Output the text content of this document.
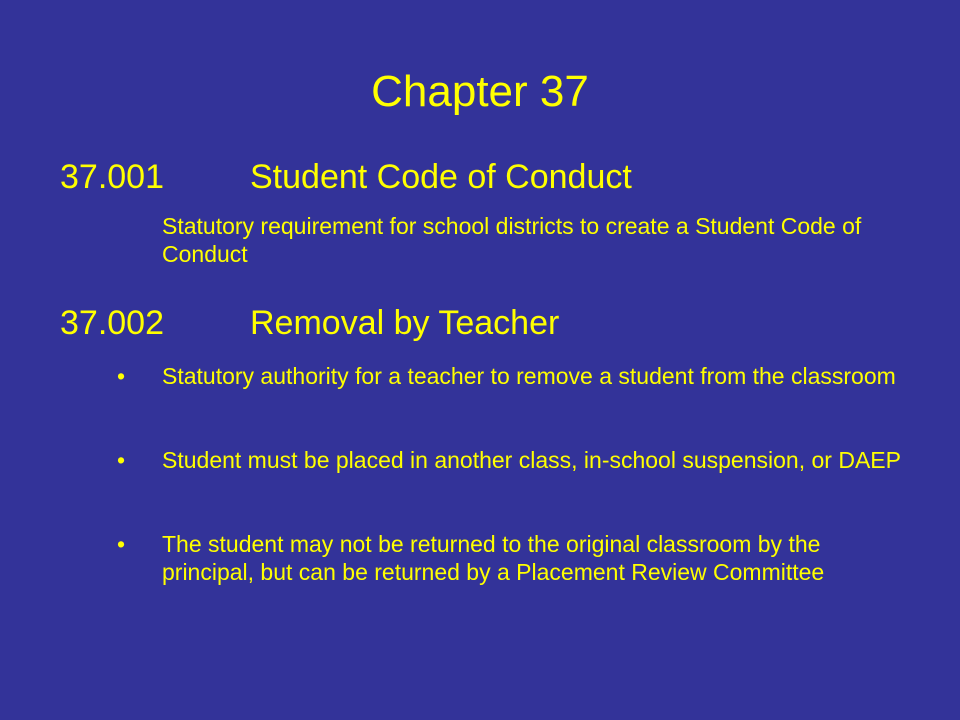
Chapter 37
37.001	Student Code of Conduct
Statutory requirement for school districts to create a Student Code of Conduct
37.002	Removal by Teacher
• Statutory authority for a teacher to remove a student from the classroom
• Student must be placed in another class, in-school suspension, or DAEP
• The student may not be returned to the original classroom by the principal, but can be returned by a Placement Review Committee
